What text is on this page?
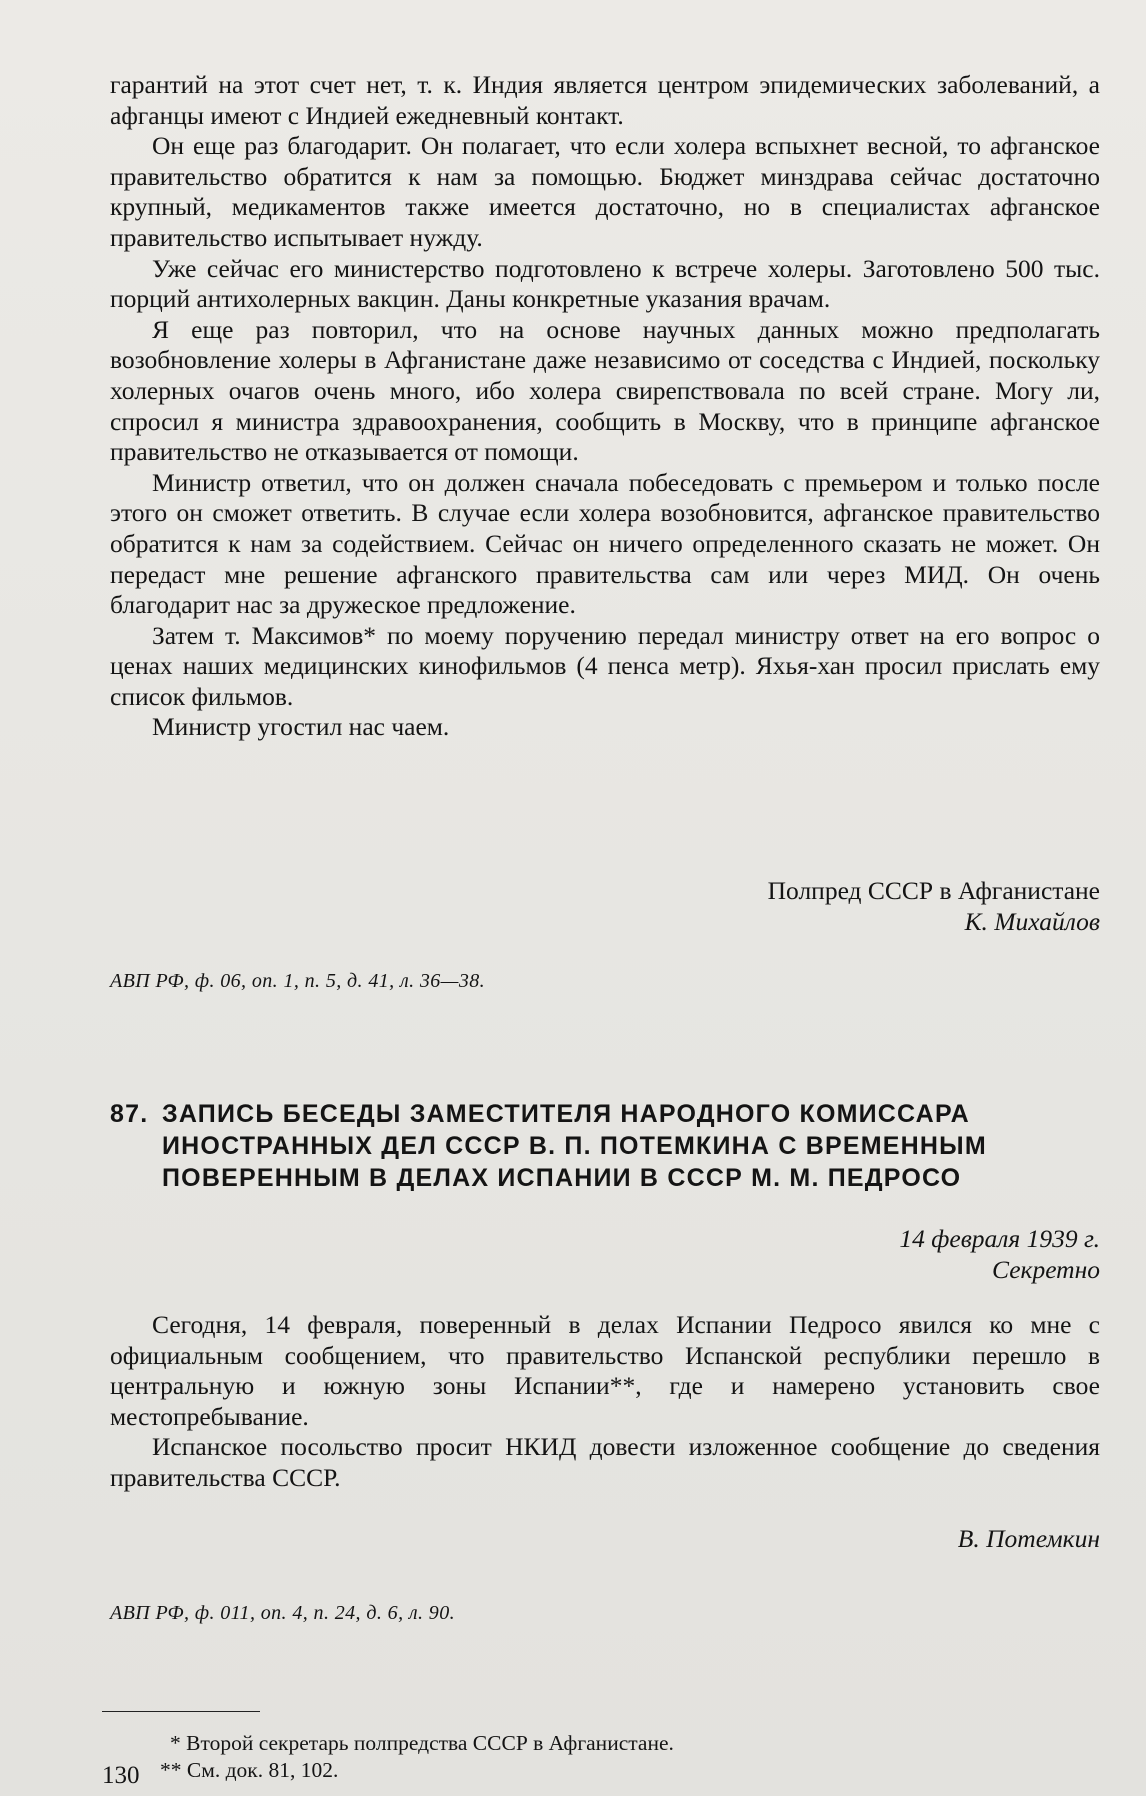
гарантий на этот счет нет, т. к. Индия является центром эпидемических заболеваний, а афганцы имеют с Индией ежедневный контакт.

Он еще раз благодарит. Он полагает, что если холера вспыхнет весной, то афганское правительство обратится к нам за помощью. Бюджет минздрава сейчас достаточно крупный, медикаментов также имеется достаточно, но в специалистах афганское правительство испытывает нужду.

Уже сейчас его министерство подготовлено к встрече холеры. Заготовлено 500 тыс. порций антихолерных вакцин. Даны конкретные указания врачам.

Я еще раз повторил, что на основе научных данных можно предполагать возобновление холеры в Афганистане даже независимо от соседства с Индией, поскольку холерных очагов очень много, ибо холера свирепствовала по всей стране. Могу ли, спросил я министра здравоохранения, сообщить в Москву, что в принципе афганское правительство не отказывается от помощи.

Министр ответил, что он должен сначала побеседовать с премьером и только после этого он сможет ответить. В случае если холера возобновится, афганское правительство обратится к нам за содействием. Сейчас он ничего определенного сказать не может. Он передаст мне решение афганского правительства сам или через МИД. Он очень благодарит нас за дружеское предложение.

Затем т. Максимов* по моему поручению передал министру ответ на его вопрос о ценах наших медицинских кинофильмов (4 пенса метр). Яхья-хан просил прислать ему список фильмов.

Министр угостил нас чаем.

Полпред СССР в Афганистане

К. Михайлов

АВП РФ, ф. 06, оп. 1, п. 5, д. 41, л. 36—38.

87. ЗАПИСЬ БЕСЕДЫ ЗАМЕСТИТЕЛЯ НАРОДНОГО КОМИССАРА
ИНОСТРАННЫХ ДЕЛ СССР В. П. ПОТЕМКИНА С ВРЕМЕННЫМ
ПОВЕРЕННЫМ В ДЕЛАХ ИСПАНИИ В СССР М. М. ПЕДРОСО

14 февраля 1939 г.

Секретно

Сегодня, 14 февраля, поверенный в делах Испании Педросо явился ко мне с официальным сообщением, что правительство Испанской республики перешло в центральную и южную зоны Испании**, где и намерено установить свое местопребывание.

Испанское посольство просит НКИД довести изложенное сообщение до сведения правительства СССР.

В. Потемкин

АВП РФ, ф. 011, оп. 4, п. 24, д. 6, л. 90.

* Второй секретарь полпредства СССР в Афганистане.

** См. док. 81, 102.

130
